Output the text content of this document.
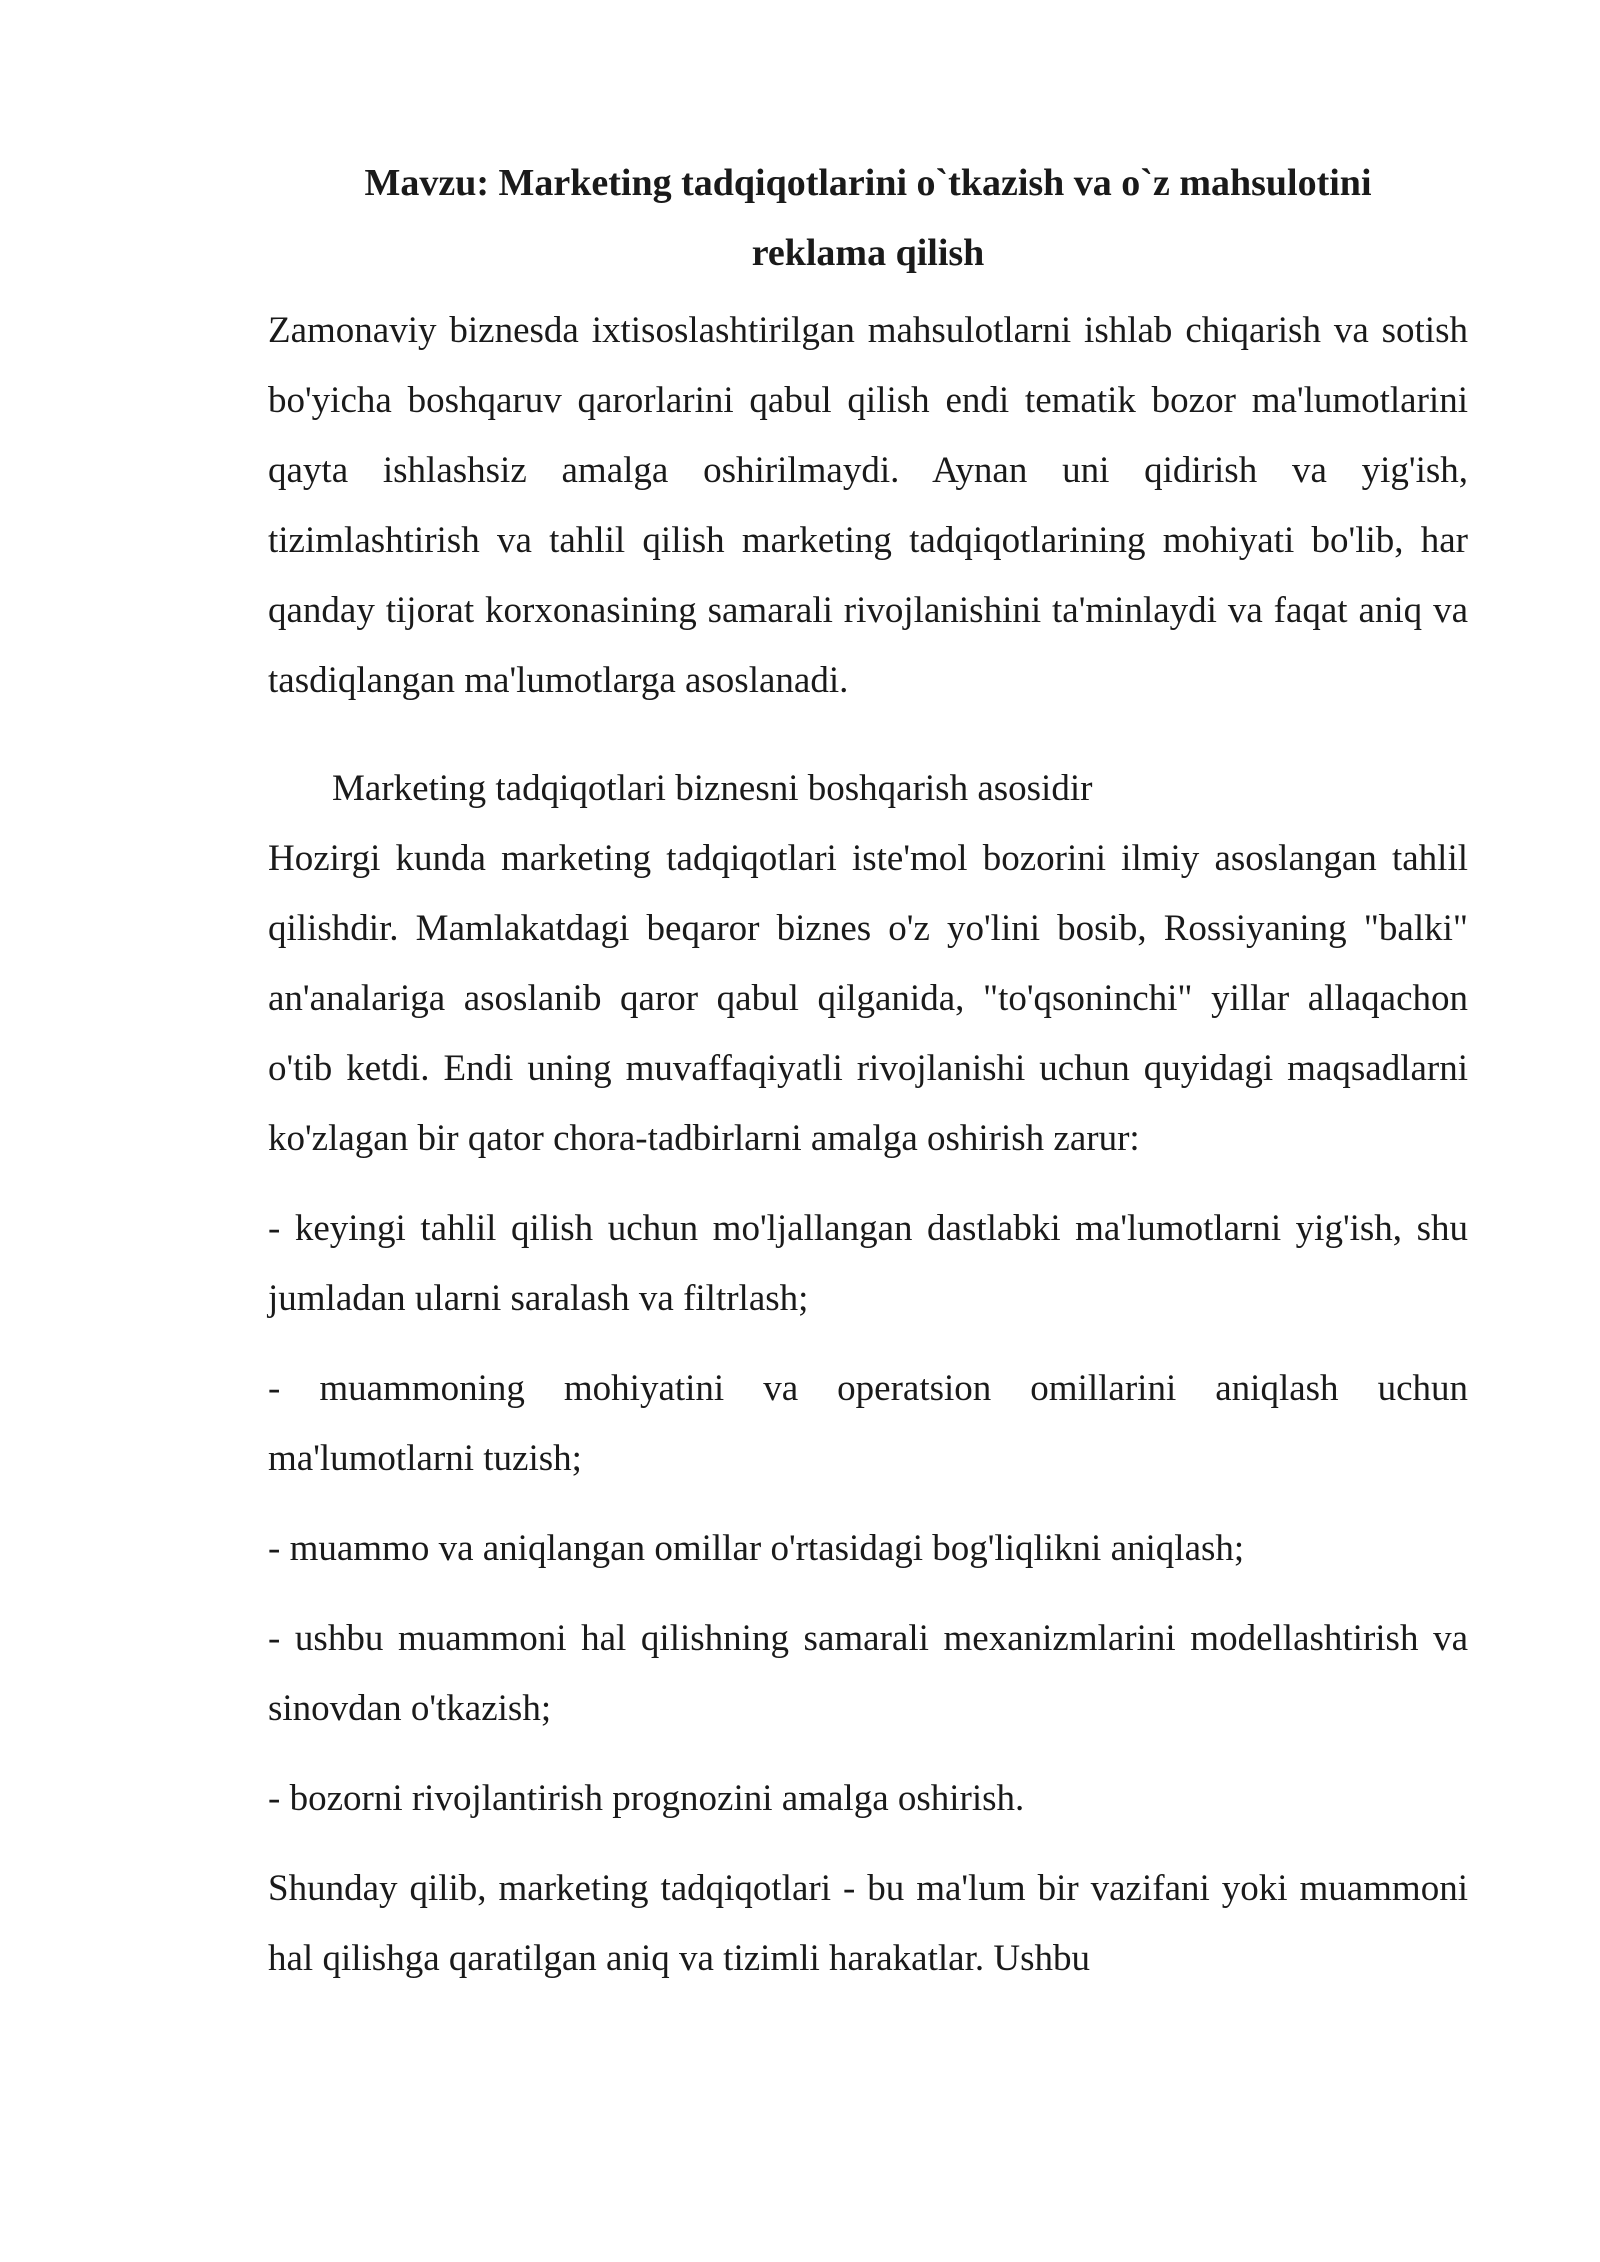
Mavzu: Marketing tadqiqotlarini o`tkazish va o`z mahsulotini
reklama qilish

Zamonaviy biznesda ixtisoslashtirilgan mahsulotlarni ishlab chiqarish va sotish bo'yicha boshqaruv qarorlarini qabul qilish endi tematik bozor ma'lumotlarini qayta ishlashsiz amalga oshirilmaydi. Aynan uni qidirish va yig'ish, tizimlashtirish va tahlil qilish marketing tadqiqotlarining mohiyati bo'lib, har qanday tijorat korxonasining samarali rivojlanishini ta'minlaydi va faqat aniq va tasdiqlangan ma'lumotlarga asoslanadi.

Marketing tadqiqotlari biznesni boshqarish asosidir

Hozirgi kunda marketing tadqiqotlari iste'mol bozorini ilmiy asoslangan tahlil qilishdir. Mamlakatdagi beqaror biznes o'z yo'lini bosib, Rossiyaning "balki" an'analariga asoslanib qaror qabul qilganida, "to'qsoninchi" yillar allaqachon o'tib ketdi. Endi uning muvaffaqiyatli rivojlanishi uchun quyidagi maqsadlarni ko'zlagan bir qator chora-tadbirlarni amalga oshirish zarur:

- keyingi tahlil qilish uchun mo'ljallangan dastlabki ma'lumotlarni yig'ish, shu jumladan ularni saralash va filtrlash;

- muammoning mohiyatini va operatsion omillarini aniqlash uchun ma'lumotlarni tuzish;

- muammo va aniqlangan omillar o'rtasidagi bog'liqlikni aniqlash;

- ushbu muammoni hal qilishning samarali mexanizmlarini modellashtirish va sinovdan o'tkazish;

- bozorni rivojlantirish prognozini amalga oshirish.

Shunday qilib, marketing tadqiqotlari - bu ma'lum bir vazifani yoki muammoni hal qilishga qaratilgan aniq va tizimli harakatlar. Ushbu
